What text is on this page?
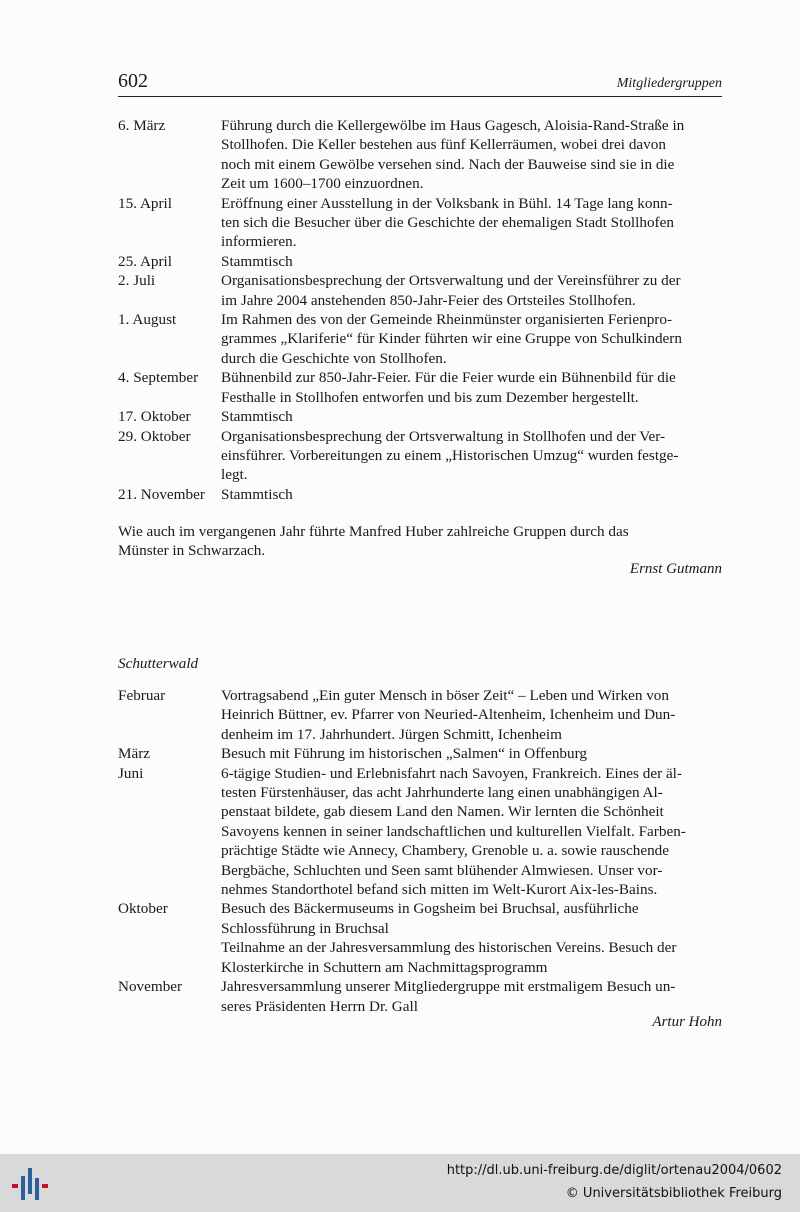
602	Mitgliedergruppen
6. März	Führung durch die Kellergewölbe im Haus Gagesch, Aloisia-Rand-Straße in
Stollhofen. Die Keller bestehen aus fünf Kellerräumen, wobei drei davon
noch mit einem Gewölbe versehen sind. Nach der Bauweise sind sie in die
Zeit um 1600–1700 einzuordnen.
15. April	Eröffnung einer Ausstellung in der Volksbank in Bühl. 14 Tage lang konn-
ten sich die Besucher über die Geschichte der ehemaligen Stadt Stollhofen
informieren.
25. April	Stammtisch
2. Juli	Organisationsbesprechung der Ortsverwaltung und der Vereinsführer zu der
im Jahre 2004 anstehenden 850-Jahr-Feier des Ortsteiles Stollhofen.
1. August	Im Rahmen des von der Gemeinde Rheinmünster organisierten Ferienpro-
grammes „Klariferie“ für Kinder führten wir eine Gruppe von Schulkindern
durch die Geschichte von Stollhofen.
4. September	Bühnenbild zur 850-Jahr-Feier. Für die Feier wurde ein Bühnenbild für die
Festhalle in Stollhofen entworfen und bis zum Dezember hergestellt.
17. Oktober	Stammtisch
29. Oktober	Organisationsbesprechung der Ortsverwaltung in Stollhofen und der Ver-
einsführer. Vorbereitungen zu einem „Historischen Umzug“ wurden festge-
legt.
21. November	Stammtisch
Wie auch im vergangenen Jahr führte Manfred Huber zahlreiche Gruppen durch das
Münster in Schwarzach.
Ernst Gutmann
Schutterwald
Februar	Vortragsabend „Ein guter Mensch in böser Zeit“ – Leben und Wirken von
Heinrich Büttner, ev. Pfarrer von Neuried-Altenheim, Ichenheim und Dun-
denheim im 17. Jahrhundert. Jürgen Schmitt, Ichenheim
März	Besuch mit Führung im historischen „Salmen“ in Offenburg
Juni	6-tägige Studien- und Erlebnisfahrt nach Savoyen, Frankreich. Eines der äl-
testen Fürstenhäuser, das acht Jahrhunderte lang einen unabhängigen Al-
penstaat bildete, gab diesem Land den Namen. Wir lernten die Schönheit
Savoyens kennen in seiner landschaftlichen und kulturellen Vielfalt. Farben-
prächtige Städte wie Annecy, Chambery, Grenoble u. a. sowie rauschende
Bergbäche, Schluchten und Seen samt blühender Almwiesen. Unser vor-
nehmes Standorthotel befand sich mitten im Welt-Kurort Aix-les-Bains.
Oktober	Besuch des Bäckermuseums in Gogsheim bei Bruchsal, ausführliche
Schlossführung in Bruchsal
Teilnahme an der Jahresversammlung des historischen Vereins. Besuch der
Klosterkirche in Schuttern am Nachmittagsprogramm
November	Jahresversammlung unserer Mitgliedergruppe mit erstmaligem Besuch un-
seres Präsidenten Herrn Dr. Gall
Artur Hohn
http://dl.ub.uni-freiburg.de/diglit/ortenau2004/0602
© Universitätsbibliothek Freiburg
